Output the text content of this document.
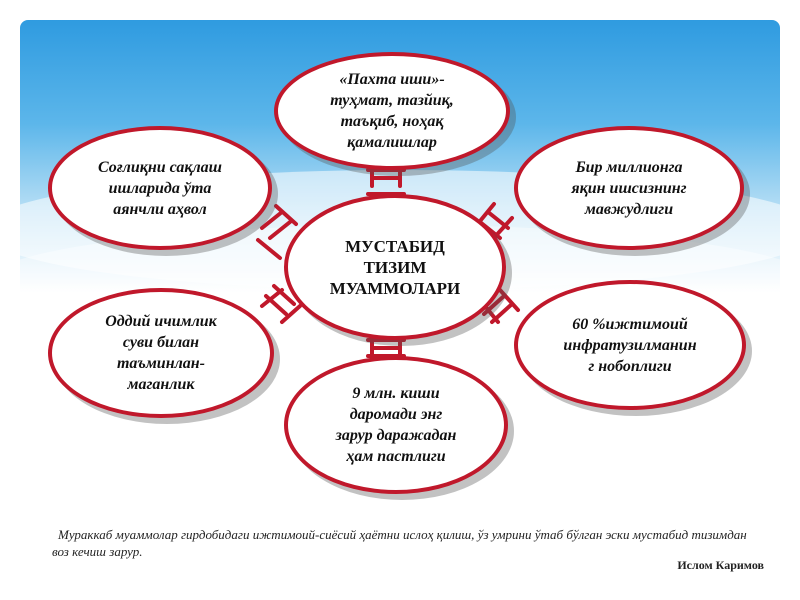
«Пахта иши»-
туҳмат, тазйиқ,
таъқиб, ноҳақ
қамалишлар
Соғлиқни сақлаш
ишларида ўта
аянчли аҳвол
Бир миллионга
яқин ишсизнинг
мавжудлиги
МУСТАБИД
ТИЗИМ
МУАММОЛАРИ
Оддий ичимлик
суви билан
таъминлан-
маганлик
60 %ижтимоий
инфратузилманин
г нобоплиги
9 млн. киши
даромади энг
зарур даражадан
ҳам пастлиги
Мураккаб муаммолар гирдобидаги ижтимоий-сиёсий ҳаётни ислоҳ қилиш, ўз умрини ўтаб бўлган эски мустабид тизимдан воз кечиш зарур.
Ислом Каримов
